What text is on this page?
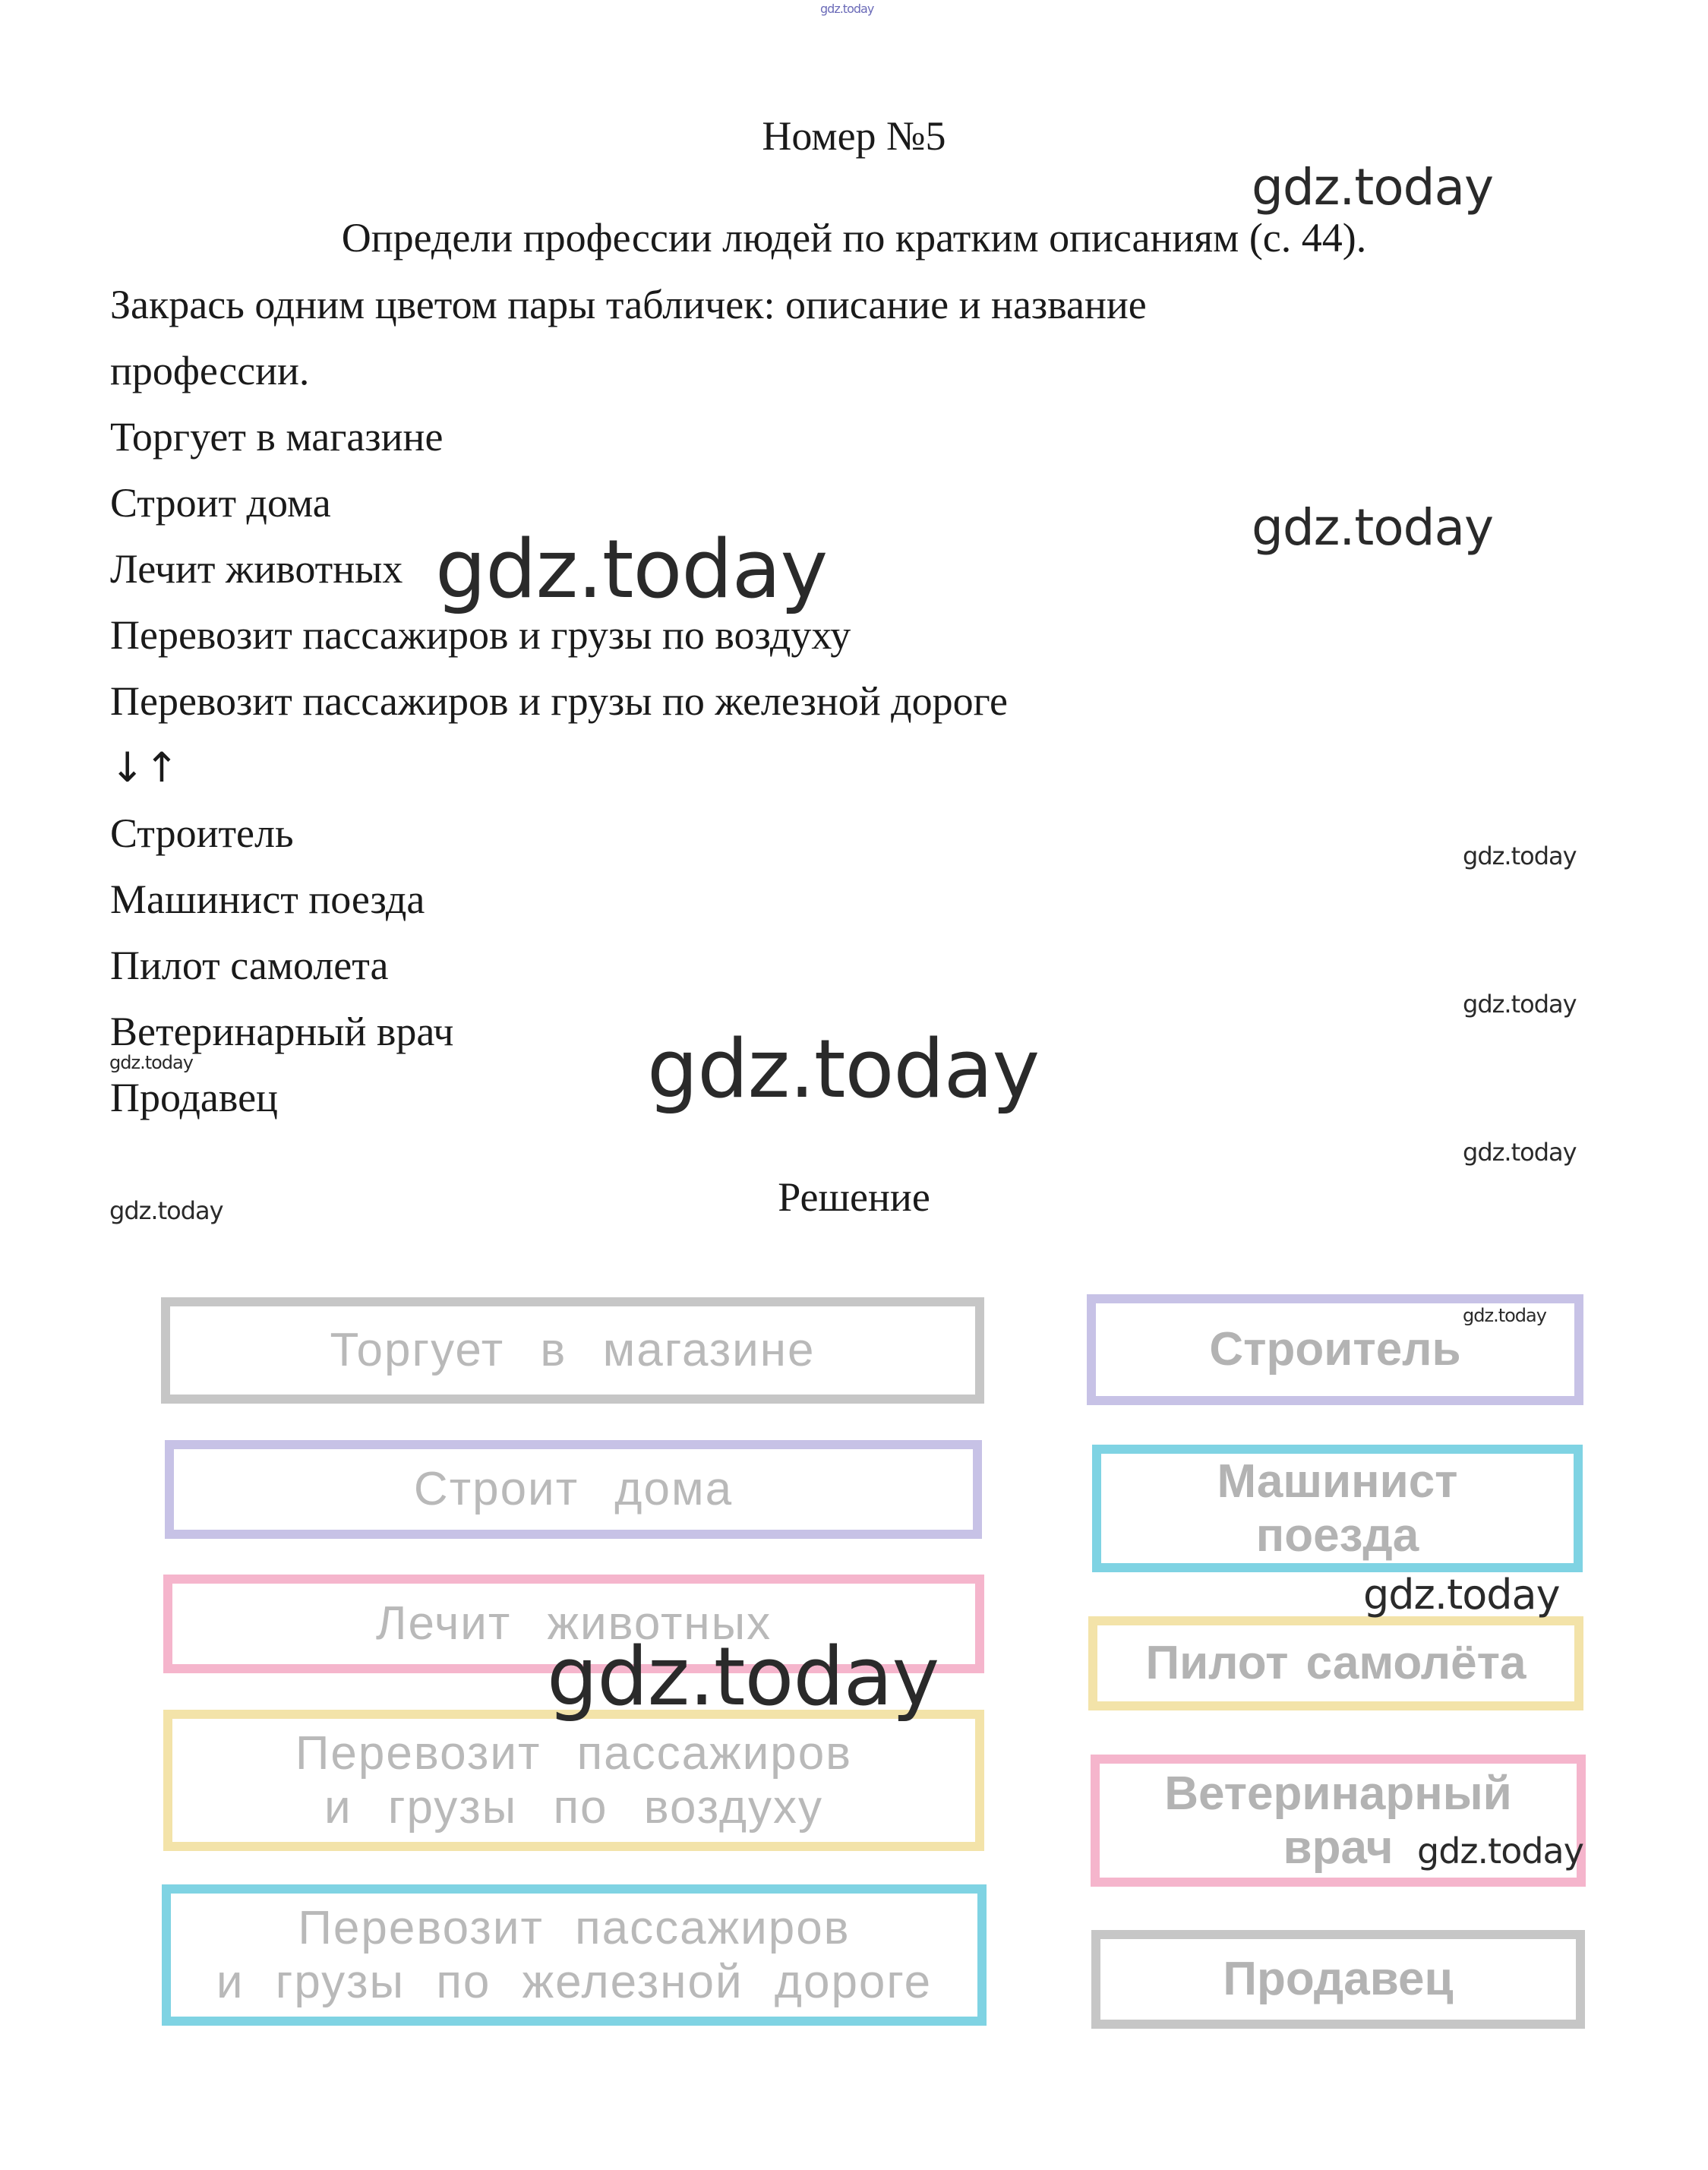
Номер №5
Определи профессии людей по кратким описаниям (с. 44).
Закрась одним цветом пары табличек: описание и название
профессии.
Торгует в магазине
Строит дома
Лечит животных
Перевозит пассажиров и грузы по воздуху
Перевозит пассажиров и грузы по железной дороге
↓↑
Строитель
Машинист поезда
Пилот самолета
Ветеринарный врач
Продавец
Решение
Торгует в магазине
Строит дома
Лечит животных
Перевозит пассажиров
и грузы по воздуху
Перевозит пассажиров
и грузы по железной дороге
Строитель
Машинист
поезда
Пилот самолёта
Ветеринарный
врач
Продавец
gdz.today
gdz.today
gdz.today
gdz.today
gdz.today
gdz.today
gdz.today	gdz.today
gdz.today
gdz.today
gdz.today
gdz.today
gdz.today
gdz.today
